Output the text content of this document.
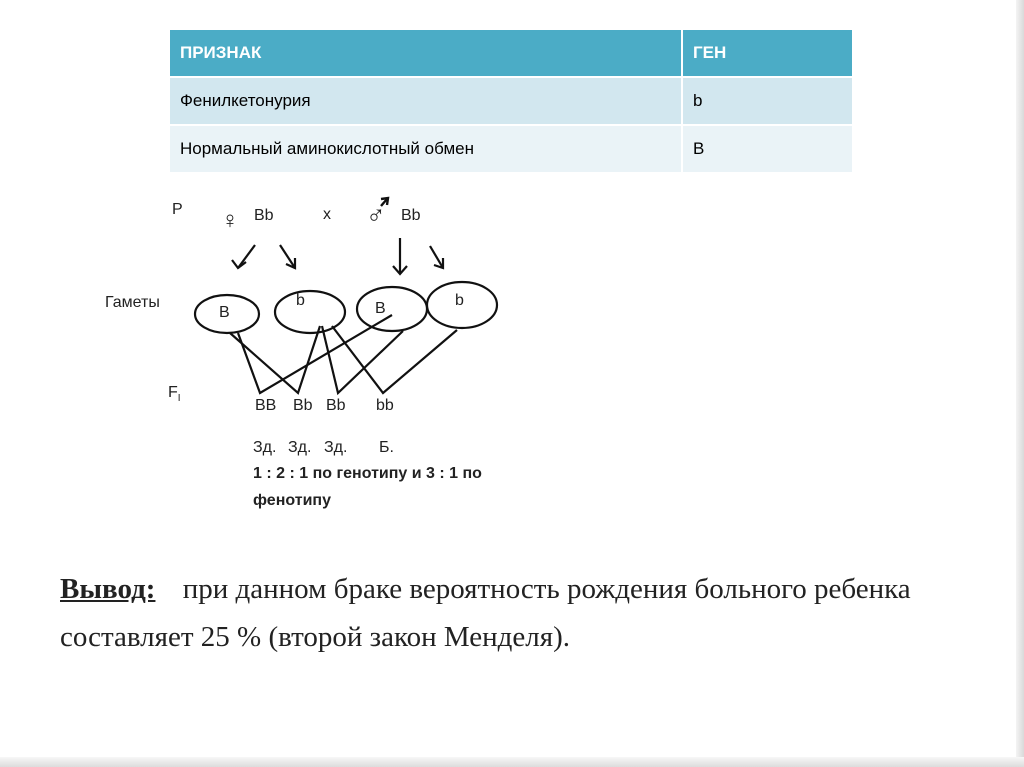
ПРИЗНАК	ГЕН
Фенилкетонурия	b
Нормальный аминокислотный обмен	B
P ♀ Bb	x ♂ Bb
Гаметы
B
b	B	b
$F_I$	BB Bb Bb bb
Зд. Зд. Зд. Б.
1 : 2 : 1 по генотипу и 3 : 1 по
фенотипу
Вывод: при данном браке вероятность рождения больного ребенка составляет 25 % (второй закон Менделя).
